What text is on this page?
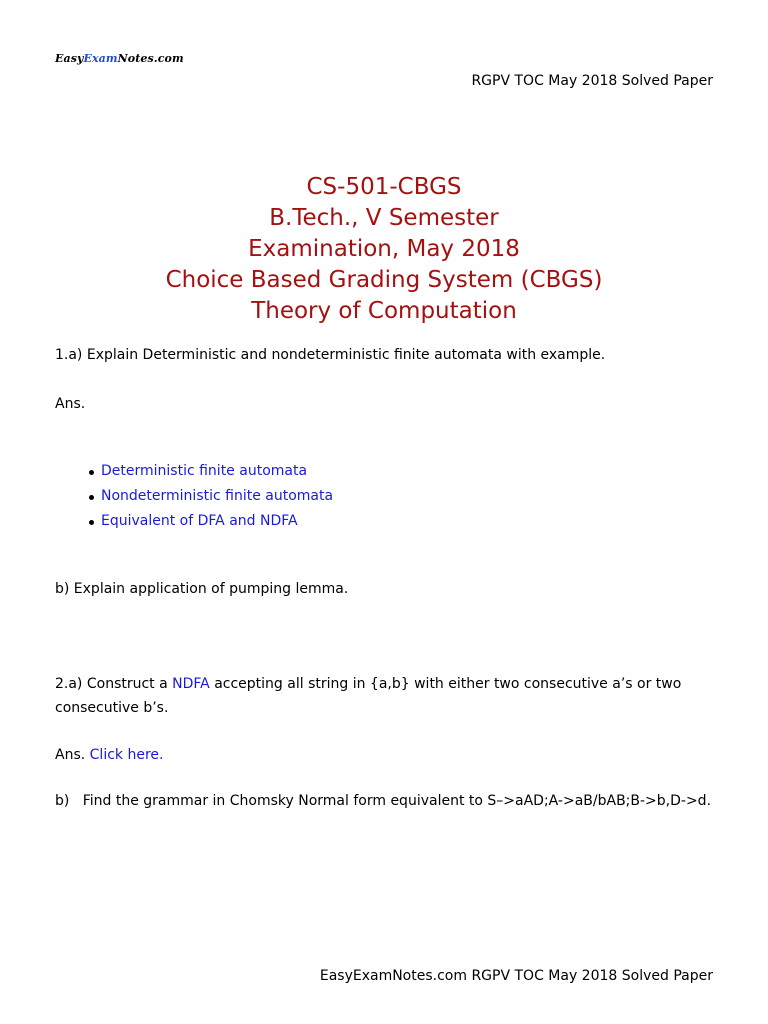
EasyExamNotes.com
RGPV TOC May 2018 Solved Paper
CS-501-CBGS
B.Tech., V Semester
Examination, May 2018
Choice Based Grading System (CBGS)
Theory of Computation
1.a) Explain Deterministic and nondeterministic finite automata with example.
Ans.
Deterministic finite automata
Nondeterministic finite automata
Equivalent of DFA and NDFA
b) Explain application of pumping lemma.
2.a) Construct a NDFA accepting all string in {a,b} with either two consecutive a’s or two
consecutive b’s.
Ans. Click here.
b)   Find the grammar in Chomsky Normal form equivalent to S–>aAD;A->aB/bAB;B->b,D->d.
EasyExamNotes.com RGPV TOC May 2018 Solved Paper
